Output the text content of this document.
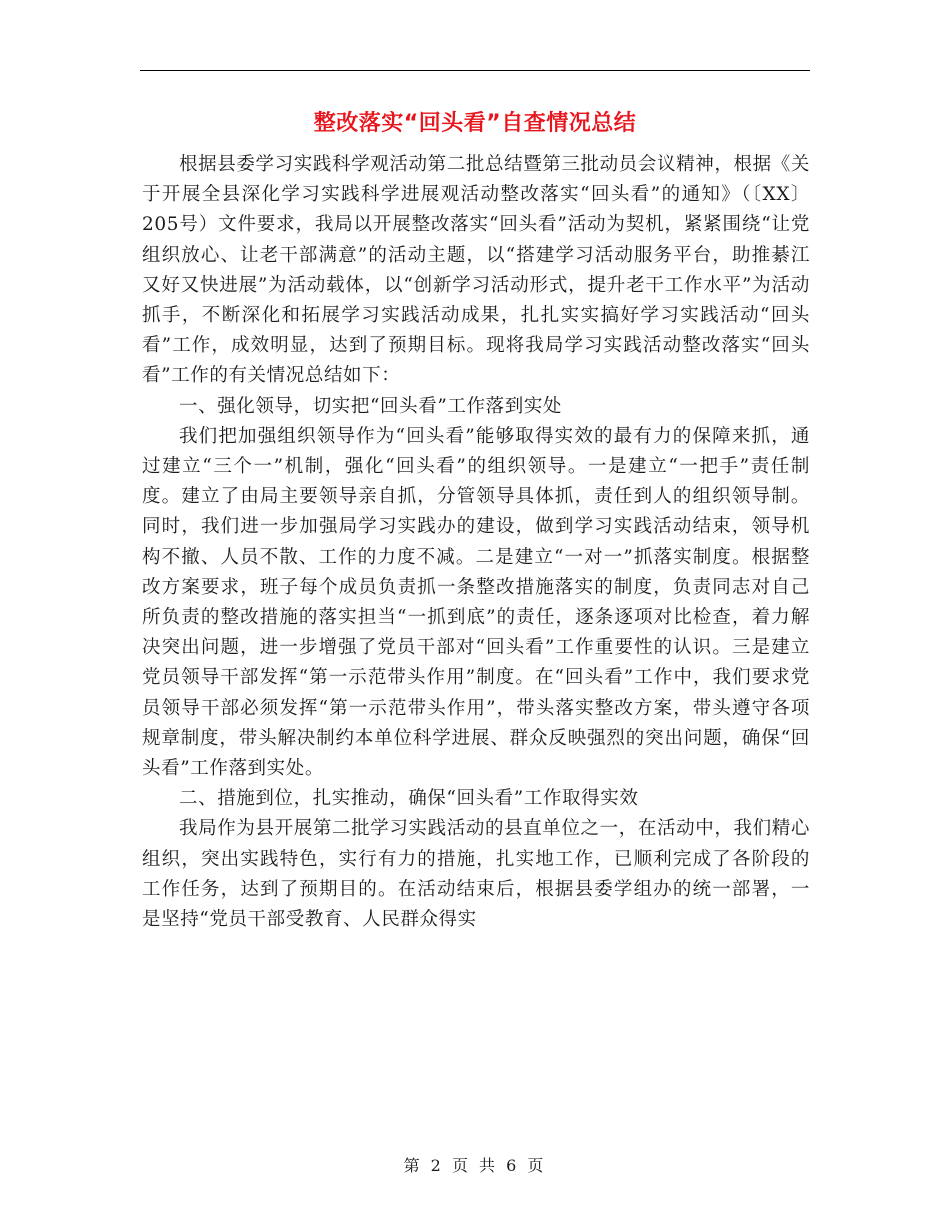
整改落实“回头看”自查情况总结

根据县委学习实践科学观活动第二批总结暨第三批动员会议精神，根据《关于开展全县深化学习实践科学进展观活动整改落实“回头看”的通知》（〔XX〕205号）文件要求，我局以开展整改落实“回头看”活动为契机，紧紧围绕“让党组织放心、让老干部满意”的活动主题，以“搭建学习活动服务平台，助推綦江又好又快进展”为活动载体，以“创新学习活动形式，提升老干工作水平”为活动抓手，不断深化和拓展学习实践活动成果，扎扎实实搞好学习实践活动“回头看”工作，成效明显，达到了预期目标。现将我局学习实践活动整改落实“回头看”工作的有关情况总结如下：

一、强化领导，切实把“回头看”工作落到实处

我们把加强组织领导作为“回头看”能够取得实效的最有力的保障来抓，通过建立“三个一”机制，强化“回头看”的组织领导。一是建立“一把手”责任制度。建立了由局主要领导亲自抓，分管领导具体抓，责任到人的组织领导制。同时，我们进一步加强局学习实践办的建设，做到学习实践活动结束，领导机构不撤、人员不散、工作的力度不减。二是建立“一对一”抓落实制度。根据整改方案要求，班子每个成员负责抓一条整改措施落实的制度，负责同志对自己所负责的整改措施的落实担当“一抓到底”的责任，逐条逐项对比检查，着力解决突出问题，进一步增强了党员干部对“回头看”工作重要性的认识。三是建立党员领导干部发挥“第一示范带头作用”制度。在“回头看”工作中，我们要求党员领导干部必须发挥“第一示范带头作用”，带头落实整改方案，带头遵守各项规章制度，带头解决制约本单位科学进展、群众反映强烈的突出问题，确保“回头看”工作落到实处。

二、措施到位，扎实推动，确保“回头看”工作取得实效

我局作为县开展第二批学习实践活动的县直单位之一，在活动中，我们精心组织，突出实践特色，实行有力的措施，扎实地工作，已顺利完成了各阶段的工作任务，达到了预期目的。在活动结束后，根据县委学组办的统一部署，一是坚持“党员干部受教育、人民群众得实

第 2 页 共 6 页
